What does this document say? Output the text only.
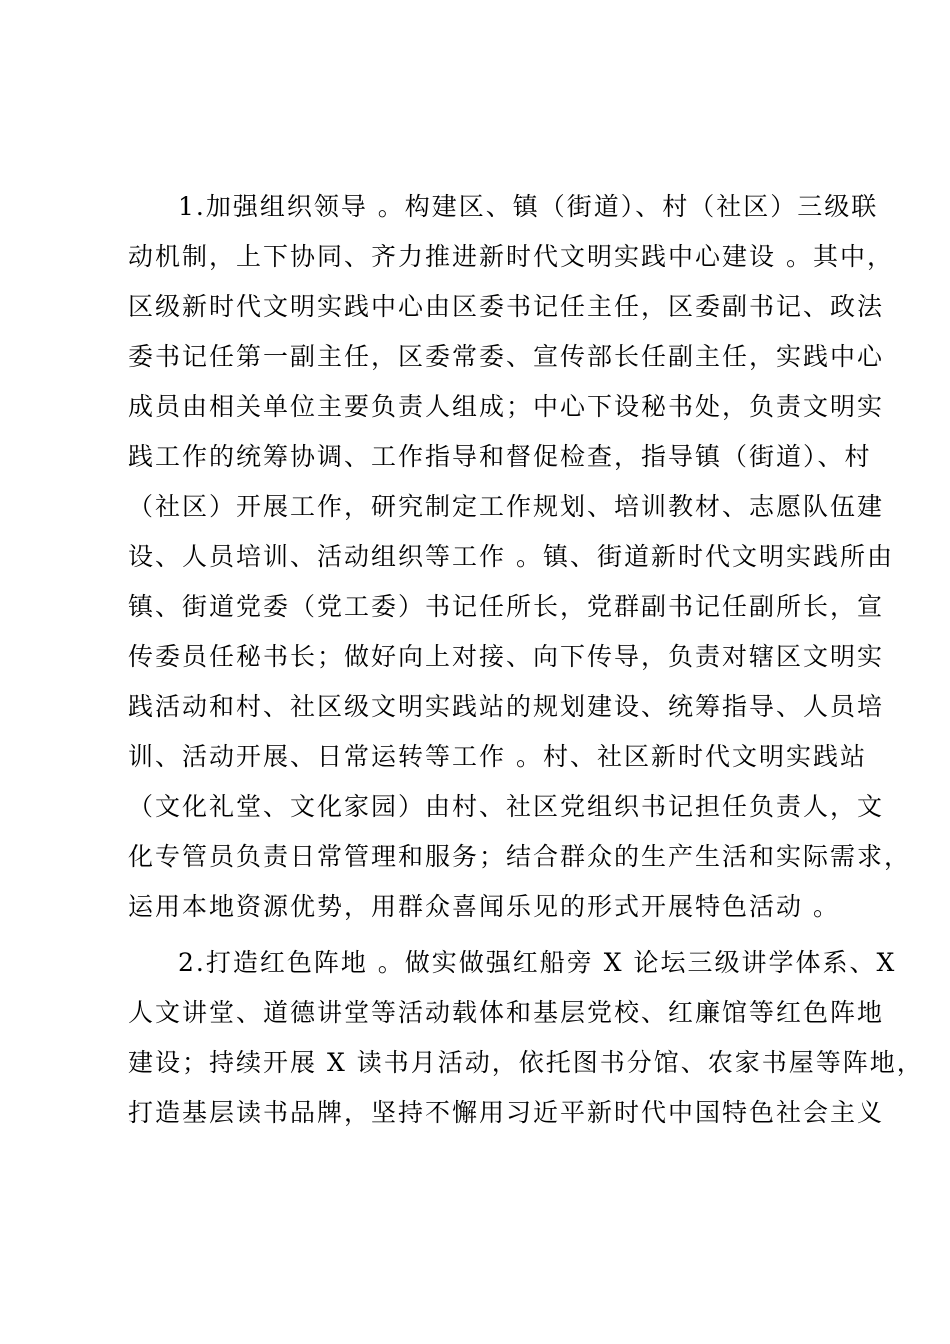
1.加强组织领导 。构建区、镇（街道）、村（社区）三级联
动机制，上下协同、齐力推进新时代文明实践中心建设 。其中，
区级新时代文明实践中心由区委书记任主任，区委副书记、政法
委书记任第一副主任，区委常委、宣传部长任副主任，实践中心
成员由相关单位主要负责人组成；中心下设秘书处，负责文明实
践工作的统筹协调、工作指导和督促检查，指导镇（街道）、村
（社区）开展工作，研究制定工作规划、培训教材、志愿队伍建
设、人员培训、活动组织等工作 。镇、街道新时代文明实践所由
镇、街道党委（党工委）书记任所长，党群副书记任副所长，宣
传委员任秘书长；做好向上对接、向下传导，负责对辖区文明实
践活动和村、社区级文明实践站的规划建设、统筹指导、人员培
训、活动开展、日常运转等工作 。村、社区新时代文明实践站
（文化礼堂、文化家园）由村、社区党组织书记担任负责人，文
化专管员负责日常管理和服务；结合群众的生产生活和实际需求，
运用本地资源优势，用群众喜闻乐见的形式开展特色活动 。
2.打造红色阵地 。做实做强红船旁 X 论坛三级讲学体系、X
人文讲堂、道德讲堂等活动载体和基层党校、红廉馆等红色阵地
建设；持续开展 X 读书月活动，依托图书分馆、农家书屋等阵地，
打造基层读书品牌，坚持不懈用习近平新时代中国特色社会主义
